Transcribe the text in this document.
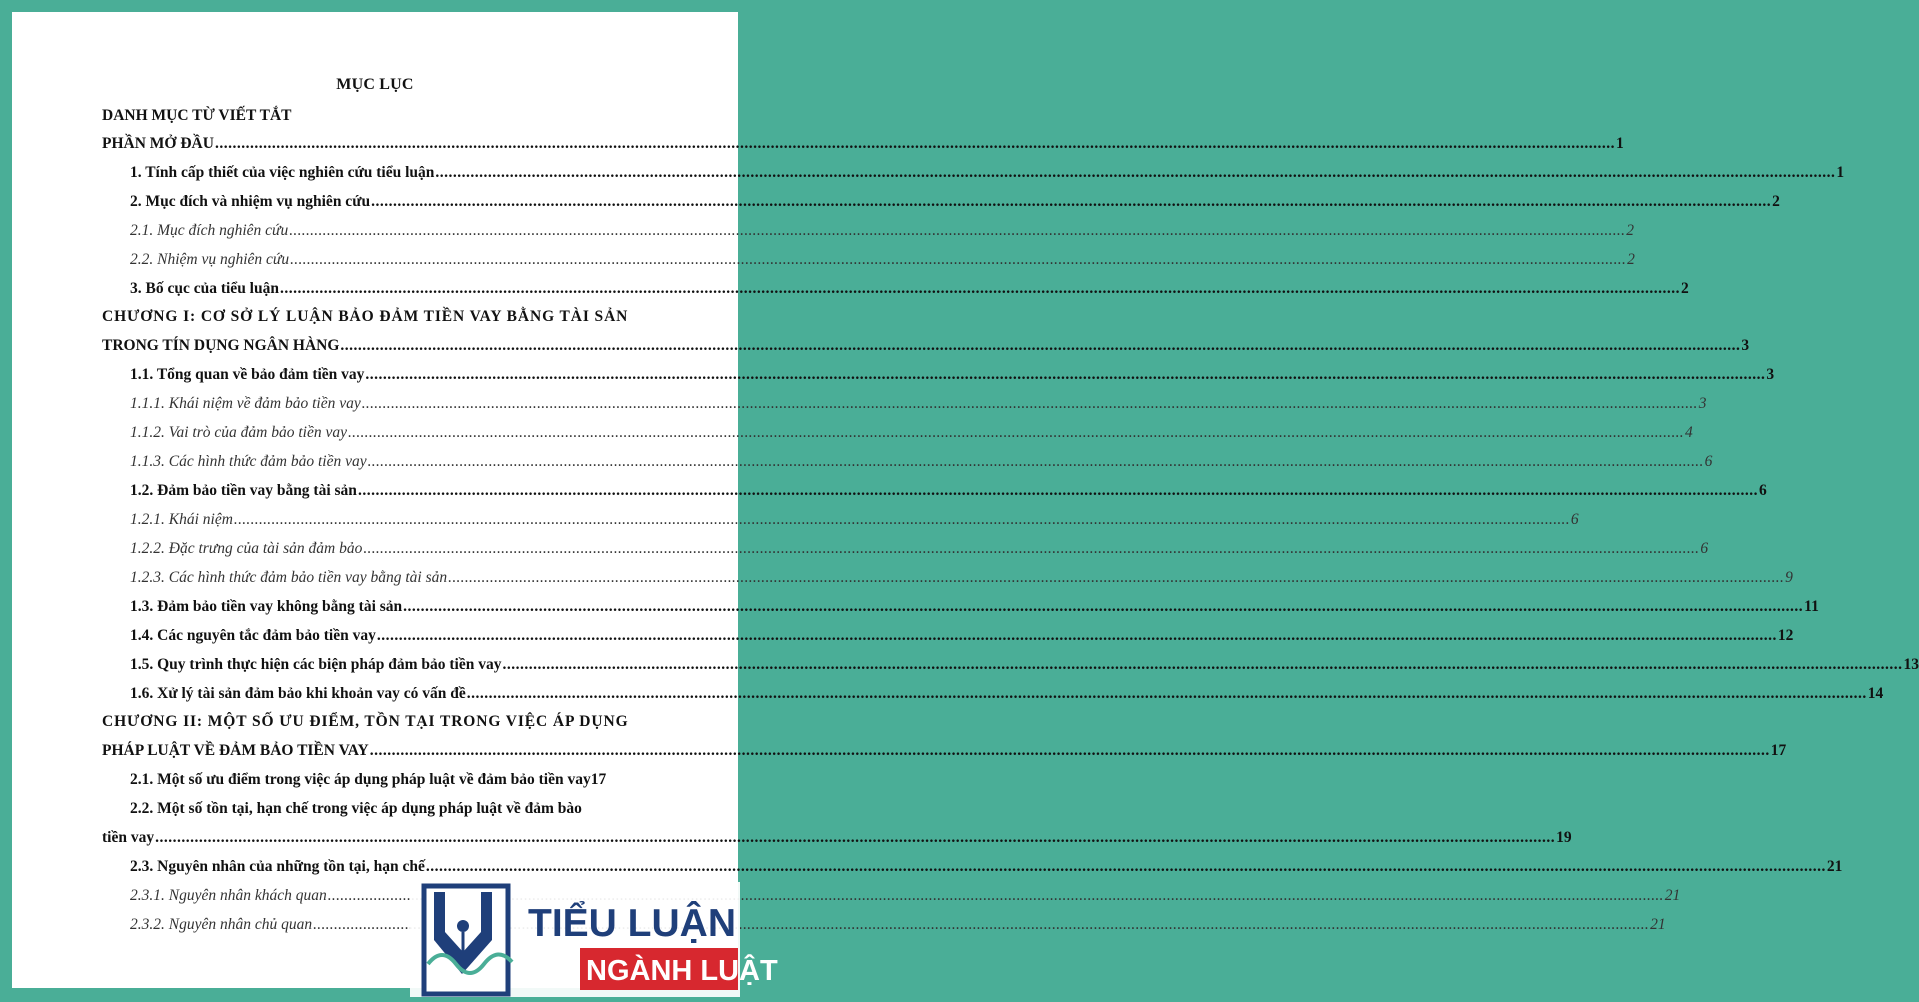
MỤC LỤC
DANH MỤC TỪ VIẾT TẮT
PHẦN MỞ ĐẦU .....	1
1. Tính cấp thiết của việc nghiên cứu tiểu luận .....	1
2. Mục đích và nhiệm vụ nghiên cứu .....	2
2.1. Mục đích nghiên cứu .....	2
2.2. Nhiệm vụ nghiên cứu .....	2
3. Bố cục của tiểu luận .....	2
CHƯƠNG I: CƠ SỞ LÝ LUẬN BẢO ĐẢM TIỀN VAY BẰNG TÀI SẢN
TRONG TÍN DỤNG NGÂN HÀNG .....	3
1.1. Tổng quan về bảo đảm tiền vay .....	3
1.1.1. Khái niệm về đảm bảo tiền vay .....	3
1.1.2. Vai trò của đảm bảo tiền vay .....	4
1.1.3. Các hình thức đảm bảo tiền vay .....	6
1.2. Đảm bảo tiền vay bằng tài sản .....	6
1.2.1. Khái niệm .....	6
1.2.2. Đặc trưng của tài sản đảm bảo .....	6
1.2.3. Các hình thức đảm bảo tiền vay bằng tài sản .....	9
1.3. Đảm bảo tiền vay không bằng tài sản .....	11
1.4. Các nguyên tắc đảm bảo tiền vay .....	12
1.5. Quy trình thực hiện các biện pháp đảm bảo tiền vay .....	13
1.6. Xử lý tài sản đảm bảo khi khoản vay có vấn đề .....	14
CHƯƠNG II: MỘT SỐ ƯU ĐIỂM, TỒN TẠI TRONG VIỆC ÁP DỤNG
PHÁP LUẬT VỀ ĐẢM BẢO TIỀN VAY .....	17
2.1. Một số ưu điểm trong việc áp dụng pháp luật về đảm bảo tiền vay 17
2.2. Một số tồn tại, hạn chế trong việc áp dụng pháp luật về đảm bào
tiền vay .....	19
2.3. Nguyên nhân của những tồn tại, hạn chế .....	21
2.3.1. Nguyên nhân khách quan .....	21
2.3.2. Nguyên nhân chủ quan .....	21
TIỂU LUẬN
NGÀNH LUẬT
